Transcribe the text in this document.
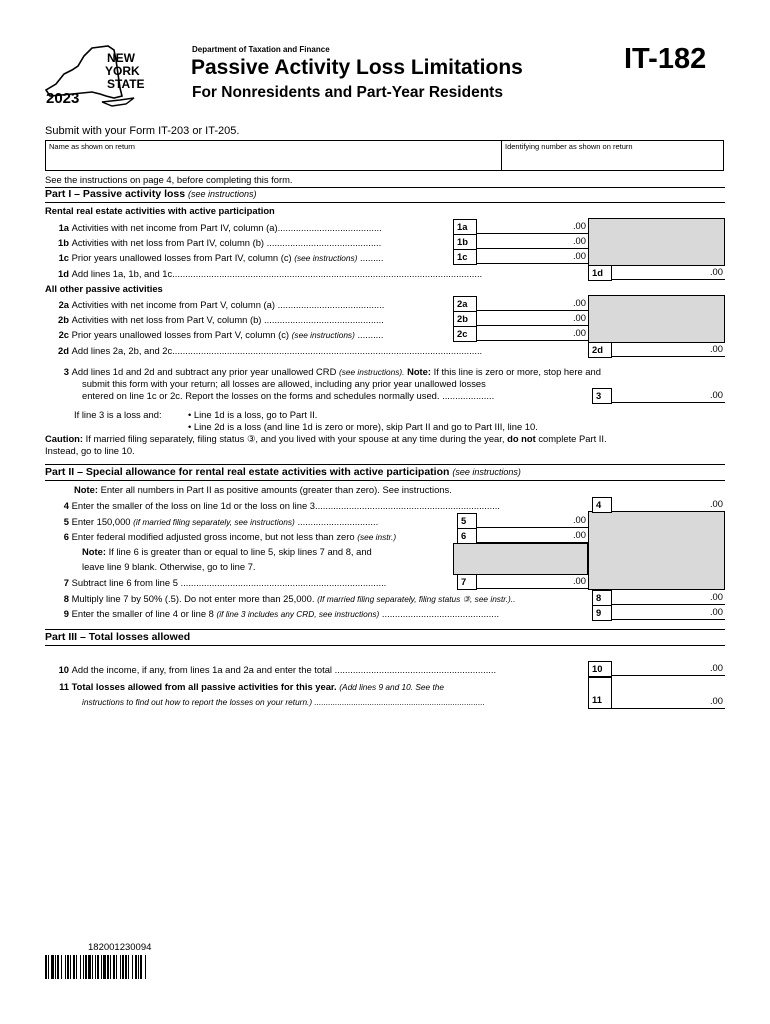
NEW
YORK
STATE
2023
Department of Taxation and Finance
Passive Activity Loss Limitations
For Nonresidents and Part-Year Residents
IT-182
Submit with your Form IT-203 or IT-205.
Name as shown on return	Identifying number as shown on return
See the instructions on page 4, before completing this form.
Part I – Passive activity loss (see instructions)
Rental real estate activities with active participation
1a Activities with net income from Part IV, column (a)........................................	1a	.00
1b Activities with net loss from Part IV, column (b) ............................................	1b	.00
1c Prior years unallowed losses from Part IV, column (c) (see instructions) .........	1c	.00
1d Add lines 1a, 1b, and 1c.......................................................................................................................	1d	.00
All other passive activities
2a Activities with net income from Part V, column (a) .........................................	2a	.00
2b Activities with net loss from Part V, column (b) ..............................................	2b	.00
2c Prior years unallowed losses from Part V, column (c) (see instructions) ..........	2c	.00
2d Add lines 2a, 2b, and 2c.......................................................................................................................	2d	.00
3 Add lines 1d and 2d and subtract any prior year unallowed CRD (see instructions). Note: If this line is zero or more, stop here and
submit this form with your return; all losses are allowed, including any prior year unallowed losses
entered on line 1c or 2c. Report the losses on the forms and schedules normally used. ....................	3	.00
If line 3 is a loss and:	• Line 1d is a loss, go to Part II.
• Line 2d is a loss (and line 1d is zero or more), skip Part II and go to Part III, line 10.
Caution: If married filing separately, filing status ③, and you lived with your spouse at any time during the year, do not complete Part II.
Instead, go to line 10.
Part II – Special allowance for rental real estate activities with active participation (see instructions)
Note: Enter all numbers in Part II as positive amounts (greater than zero). See instructions.
4 Enter the smaller of the loss on line 1d or the loss on line 3.......................................................................	4	.00
5 Enter 150,000 (if married filing separately, see instructions) ...............................	5	.00
6 Enter federal modified adjusted gross income, but not less than zero (see instr.)	6	.00
Note: If line 6 is greater than or equal to line 5, skip lines 7 and 8, and
leave line 9 blank. Otherwise, go to line 7.
7 Subtract line 6 from line 5 ...............................................................................	7	.00
8 Multiply line 7 by 50% (.5). Do not enter more than 25,000. (If married filing separately, filing status ③, see instr.)..	8	.00
9 Enter the smaller of line 4 or line 8 (if line 3 includes any CRD, see instructions) .............................................	9	.00
Part III – Total losses allowed
10 Add the income, if any, from lines 1a and 2a and enter the total ..............................................................	10	.00
11 Total losses allowed from all passive activities for this year. (Add lines 9 and 10. See the
instructions to find out how to report the losses on your return.) ..........................................................................	11	.00
182001230094
